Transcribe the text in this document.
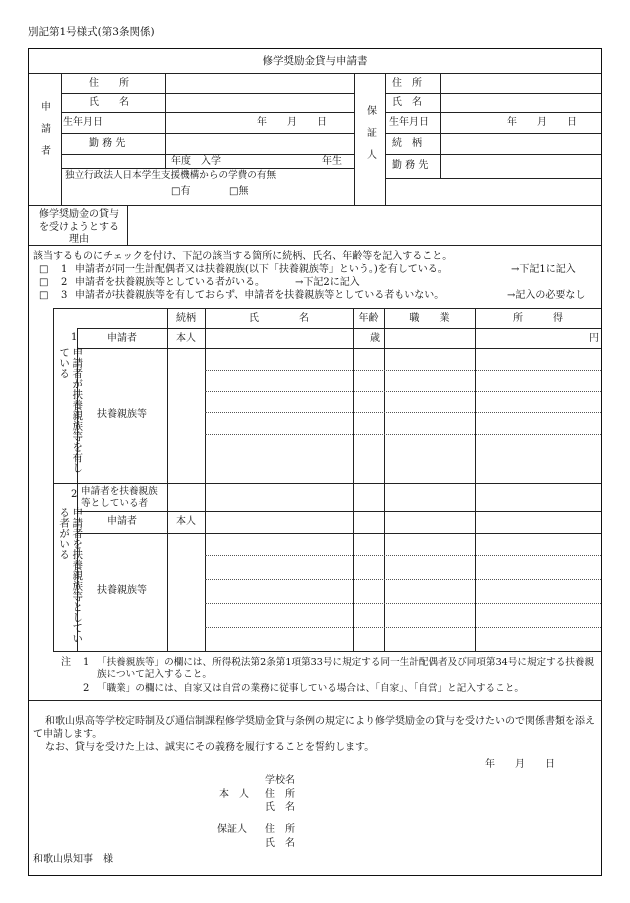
別記第1号様式(第3条関係)
修学奨励金貸与申請書
申請者	保証人
住　　所
氏　　名
生年月日	年　　月　　日
勤 務 先
年度　入学	年生
独立行政法人日本学生支援機構からの学費の有無
□有	□無
住　所
氏　名
生年月日	年　　月　　日
続　柄
勤 務 先
修学奨励金の貸与を受けようとする理由
該当するものにチェックを付け、下記の該当する箇所に続柄、氏名、年齢等を記入すること。
□ 1 申請者が同一生計配偶者又は扶養親族(以下「扶養親族等」という。)を有している。	→下記1に記入
□ 2 申請者を扶養親族等としている者がいる。	→下記2に記入
□ 3 申請者が扶養親族等を有しておらず、申請者を扶養親族等としている者もいない。	→記入の必要なし
続柄	氏　　　　名	年齢	職　　業	所　　　得
1
申請者が扶養親族等を有している
申請者	本人	歳	円
扶養親族等
2
申請者を扶養親族等としている者がいる
申請者を扶養親族等としている者
申請者	本人
扶養親族等
注 1 「扶養親族等」の欄には、所得税法第2条第1項第33号に規定する同一生計配偶者及び同項第34号に規定する扶養親族について記入すること。
2 「職業」の欄には、自家又は自営の業務に従事している場合は、「自家」、「自営」と記入すること。
和歌山県高等学校定時制及び通信制課程修学奨励金貸与条例の規定により修学奨励金の貸与を受けたいので関係書類を添えて申請します。
なお、貸与を受けた上は、誠実にその義務を履行することを誓約します。
年　　月　　日
学校名
本　人 住　所
氏　名
保証人 住　所
氏　名
和歌山県知事　様
